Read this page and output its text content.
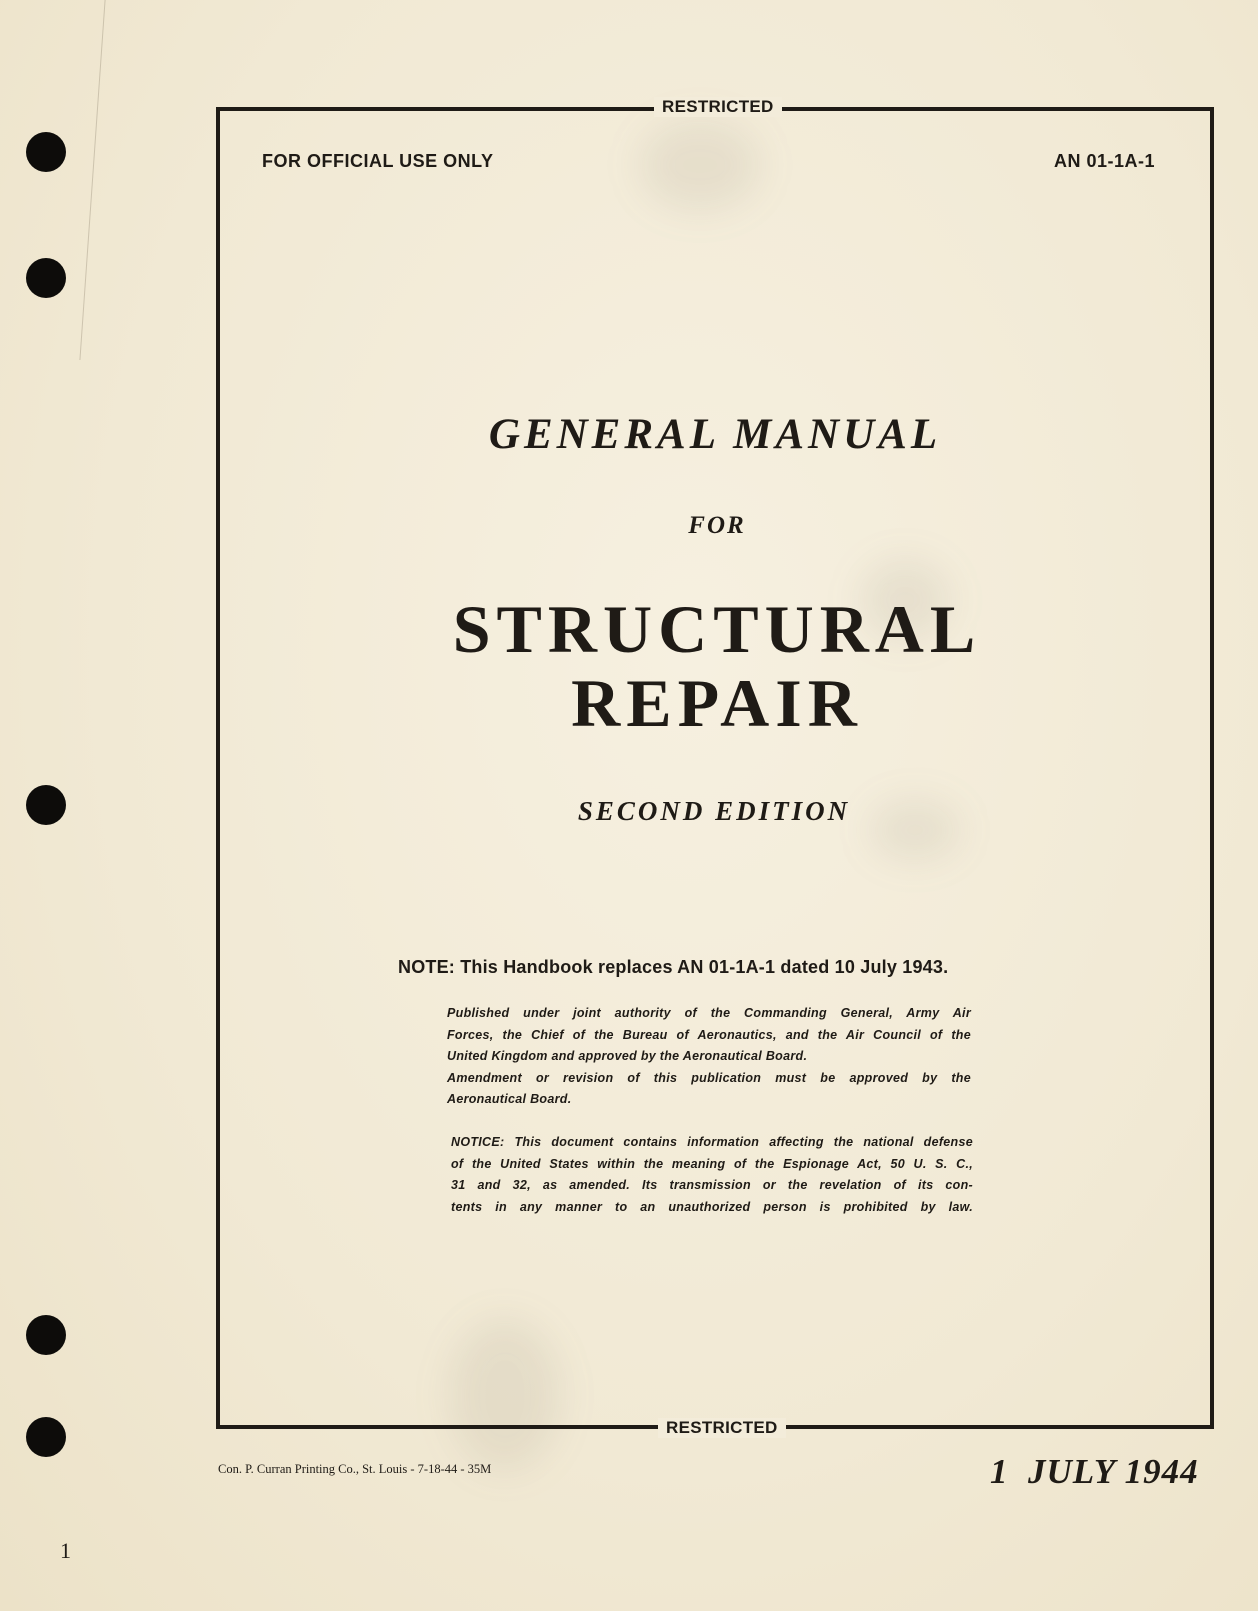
RESTRICTED
RESTRICTED
FOR OFFICIAL USE ONLY	AN 01-1A-1
GENERAL MANUAL
FOR
STRUCTURAL
REPAIR
SECOND EDITION
NOTE: This Handbook replaces AN 01-1A-1 dated 10 July 1943.
Published under joint authority of the Commanding General, Army Air
Forces, the Chief of the Bureau of Aeronautics, and the Air Council of the
United Kingdom and approved by the Aeronautical Board.
Amendment or revision of this publication must be approved by the
Aeronautical Board.
NOTICE: This document contains information affecting the national defense
of the United States within the meaning of the Espionage Act, 50 U. S. C.,
31 and 32, as amended. Its transmission or the revelation of its con-
tents in any manner to an unauthorized person is prohibited by law.
Con. P. Curran Printing Co., St. Louis - 7-18-44 - 35M	1  JULY 1944
1
